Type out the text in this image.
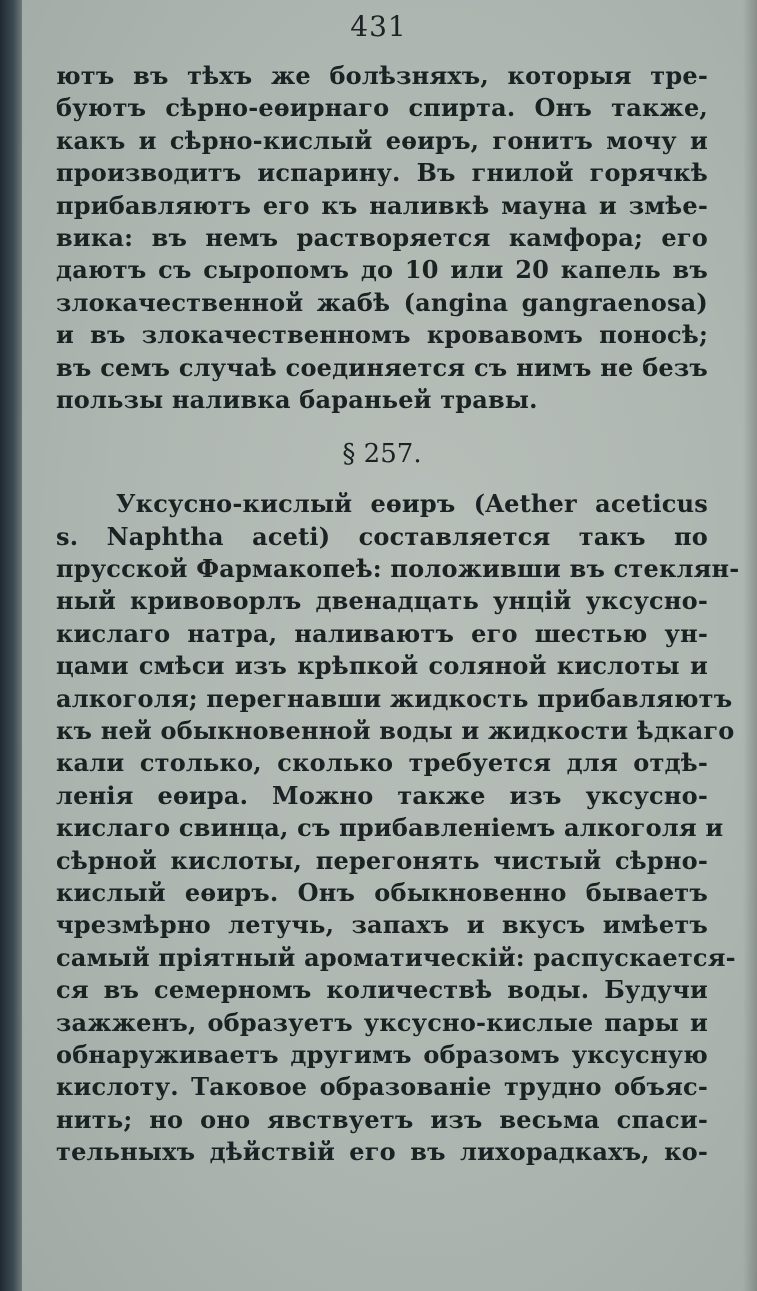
431
ютъ въ тѣхъ же болѣзняхъ, которыя тре-
буютъ сѣрно-еѳирнаго спирта. Онъ также,
какъ и сѣрно-кислый еѳиръ, гонитъ мочу и
производитъ испарину. Въ гнилой горячкѣ
прибавляютъ его къ наливкѣ мауна и змѣе-
вика: въ немъ растворяется камфора; его
даютъ съ сыропомъ до 10 или 20 капель въ
злокачественной жабѣ (angina gangraenosa)
и въ злокачественномъ кровавомъ поносѣ;
въ семъ случаѣ соединяется съ нимъ не безъ
пользы наливка бараньей травы.
§ 257.
Уксусно-кислый еѳиръ (Aether aceticus
s. Naphtha aceti) составляется такъ по
прусской Фармакопеѣ: положивши въ стеклян-
ный кривоворлъ двенадцать унцій уксусно-
кислаго натра, наливаютъ его шестью ун-
цами смѣси изъ крѣпкой соляной кислоты и
алкоголя; перегнавши жидкость прибавляютъ
къ ней обыкновенной воды и жидкости ѣдкаго
кали столько, сколько требуется для отдѣ-
ленія еѳира. Можно также изъ уксусно-
кислаго свинца, съ прибавленіемъ алкоголя и
сѣрной кислоты, перегонять чистый сѣрно-
кислый еѳиръ. Онъ обыкновенно бываетъ
чрезмѣрно летучь, запахъ и вкусъ имѣетъ
самый пріятный ароматическій: распускается-
ся въ семерномъ количествѣ воды. Будучи
зажженъ, образуетъ уксусно-кислые пары и
обнаруживаетъ другимъ образомъ уксусную
кислоту. Таковое образованіе трудно объяс-
нить; но оно явствуетъ изъ весьма спаси-
тельныхъ дѣйствій его въ лихорадкахъ, ко-
